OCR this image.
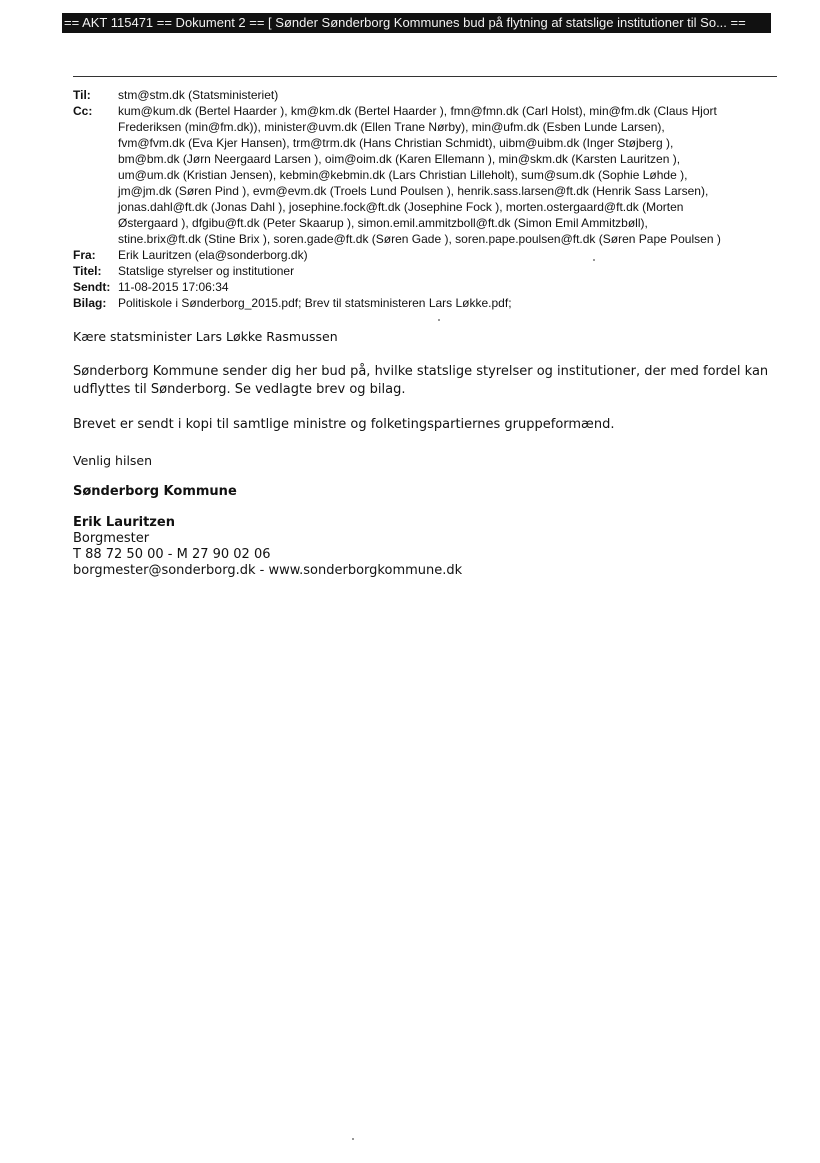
== AKT 115471 == Dokument 2 == [ Sønder Sønderborg Kommunes bud på flytning af statslige institutioner til So... ==
Til:	stm@stm.dk (Statsministeriet)
Cc:	kum@kum.dk (Bertel Haarder ), km@km.dk (Bertel Haarder ), fmn@fmn.dk (Carl Holst), min@fm.dk (Claus Hjort
Frederiksen (min@fm.dk)), minister@uvm.dk (Ellen Trane Nørby), min@ufm.dk (Esben Lunde Larsen),
fvm@fvm.dk (Eva Kjer Hansen), trm@trm.dk (Hans Christian Schmidt), uibm@uibm.dk (Inger Støjberg ),
bm@bm.dk (Jørn Neergaard Larsen ), oim@oim.dk (Karen Ellemann ), min@skm.dk (Karsten Lauritzen ),
um@um.dk (Kristian Jensen), kebmin@kebmin.dk (Lars Christian Lilleholt), sum@sum.dk (Sophie Løhde ),
jm@jm.dk (Søren Pind ), evm@evm.dk (Troels Lund Poulsen ), henrik.sass.larsen@ft.dk (Henrik Sass Larsen),
jonas.dahl@ft.dk (Jonas Dahl ), josephine.fock@ft.dk (Josephine Fock ), morten.ostergaard@ft.dk (Morten
Østergaard ), dfgibu@ft.dk (Peter Skaarup ), simon.emil.ammitzboll@ft.dk (Simon Emil Ammitzbøll),
stine.brix@ft.dk (Stine Brix ), soren.gade@ft.dk (Søren Gade ), soren.pape.poulsen@ft.dk (Søren Pape Poulsen )
Fra:	Erik Lauritzen (ela@sonderborg.dk)
Titel:	Statslige styrelser og institutioner
Sendt: 11-08-2015 17:06:34
Bilag: Politiskole i Sønderborg_2015.pdf; Brev til statsministeren Lars Løkke.pdf;

Kære statsminister Lars Løkke Rasmussen

Sønderborg Kommune sender dig her bud på, hvilke statslige styrelser og institutioner, der med fordel kan
udflyttes til Sønderborg. Se vedlagte brev og bilag.

Brevet er sendt i kopi til samtlige ministre og folketingspartiernes gruppeformænd.

Venlig hilsen

Sønderborg Kommune

Erik Lauritzen
Borgmester
T 88 72 50 00 - M 27 90 02 06
borgmester@sonderborg.dk - www.sonderborgkommune.dk
